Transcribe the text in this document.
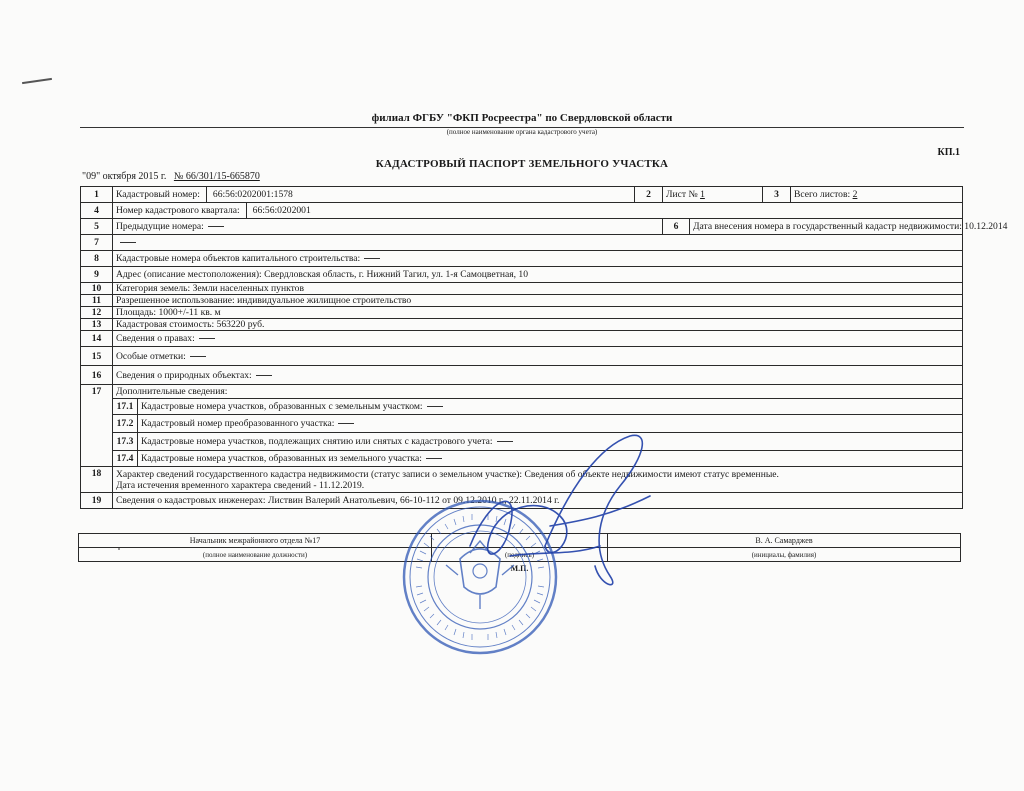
филиал ФГБУ "ФКП Росреестра" по Свердловской области
(полное наименование органа кадастрового учета)
КП.1
КАДАСТРОВЫЙ ПАСПОРТ ЗЕМЕЛЬНОГО УЧАСТКА
"09" октября 2015 г. № 66/301/15-665870
1	Кадастровый номер: 66:56:0202001:1578	2	Лист № 1	3	Всего листов: 2
4	Номер кадастрового квартала: 66:56:0202001
5	Предыдущие номера:		6	Дата внесения номера в государственный кадастр недвижимости: 10.12.2014

7	
8	Кадастровые номера объектов капитального строительства:
9	Адрес (описание местоположения): Свердловская область, г. Нижний Тагил, ул. 1-я Самоцветная, 10
10	Категория земель: Земли населенных пунктов
11	Разрешенное использование: индивидуальное жилищное строительство
12	Площадь: 1000+/-11 кв. м
13	Кадастровая стоимость: 563220 руб.
14	Сведения о правах:
15	Особые отметки:
16	Сведения о природных объектах:
17	Дополнительные сведения:
17.1	Кадастровые номера участков, образованных с земельным участком:
17.2	Кадастровый номер преобразованного участка:
17.3	Кадастровые номера участков, подлежащих снятию или снятых с кадастрового учета:
17.4	Кадастровые номера участков, образованных из земельного участка:

18	Характер сведений государственного кадастра недвижимости (статус записи о земельном участке): Сведения об объекте недвижимости имеют статус временные.
Дата истечения временного характера сведений - 11.12.2019.

19	Сведения о кадастровых инженерах: Листвин Валерий Анатольевич, 66-10-112 от 09.12.2010 г., 22.11.2014 г.
Начальник межрайонного отдела №17		В. А. Самарджев
(полное наименование должности)	(подпись)	(инициалы, фамилия)
	М.П.	
